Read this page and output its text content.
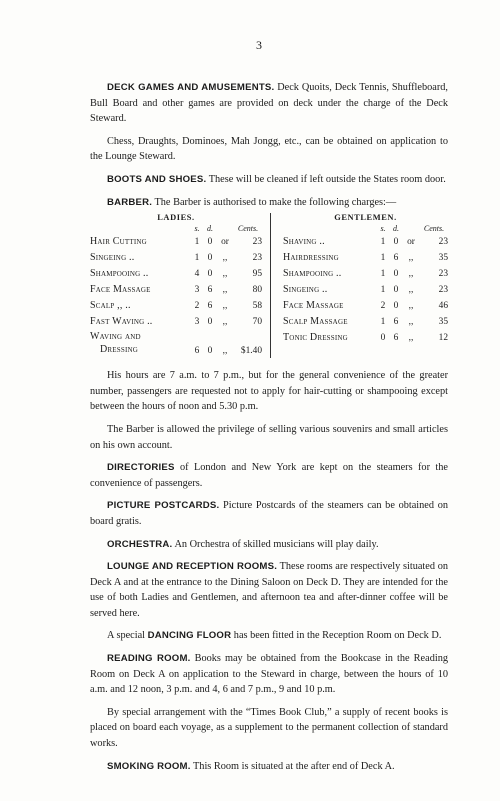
3

DECK GAMES AND AMUSEMENTS. Deck Quoits, Deck Tennis, Shuffleboard, Bull Board and other games are provided on deck under the charge of the Deck Steward.

Chess, Draughts, Dominoes, Mah Jongg, etc., can be obtained on application to the Lounge Steward.

BOOTS AND SHOES. These will be cleaned if left outside the States room door.

BARBER. The Barber is authorised to make the following charges:—

LADIES.
s. d.	Cents.
Hair Cutting	1 0 or	23
Singeing ..	1 0	,,	23
Shampooing ..	4 0	,,	95
Face Massage	3 6	,,	80
Scalp ,, ..	2 6	,,	58
Fast Waving ..	3 0	,,	70
Waving and
Dressing	6 0	,,	$1.40
GENTLEMEN.
s. d.	Cents.
Shaving ..	1 0 or	23
Hairdressing	1 6	,,	35
Shampooing ..	1 0	,,	23
Singeing ..	1 0	,,	23
Face Massage	2 0	,,	46
Scalp Massage	1 6	,,	35
Tonic Dressing	0 6	,,	12

His hours are 7 a.m. to 7 p.m., but for the general convenience of the greater number, passengers are requested not to apply for hair-cutting or shampooing except between the hours of noon and 5.30 p.m.

The Barber is allowed the privilege of selling various souvenirs and small articles on his own account.

DIRECTORIES of London and New York are kept on the steamers for the convenience of passengers.

PICTURE POSTCARDS. Picture Postcards of the steamers can be obtained on board gratis.

ORCHESTRA. An Orchestra of skilled musicians will play daily.

LOUNGE AND RECEPTION ROOMS. These rooms are respectively situated on Deck A and at the entrance to the Dining Saloon on Deck D. They are intended for the use of both Ladies and Gentlemen, and afternoon tea and after-dinner coffee will be served here.

A special DANCING FLOOR has been fitted in the Reception Room on Deck D.

READING ROOM. Books may be obtained from the Bookcase in the Reading Room on Deck A on application to the Steward in charge, between the hours of 10 a.m. and 12 noon, 3 p.m. and 4, 6 and 7 p.m., 9 and 10 p.m.

By special arrangement with the “Times Book Club,” a supply of recent books is placed on board each voyage, as a supplement to the permanent collection of standard works.

SMOKING ROOM. This Room is situated at the after end of Deck A.
